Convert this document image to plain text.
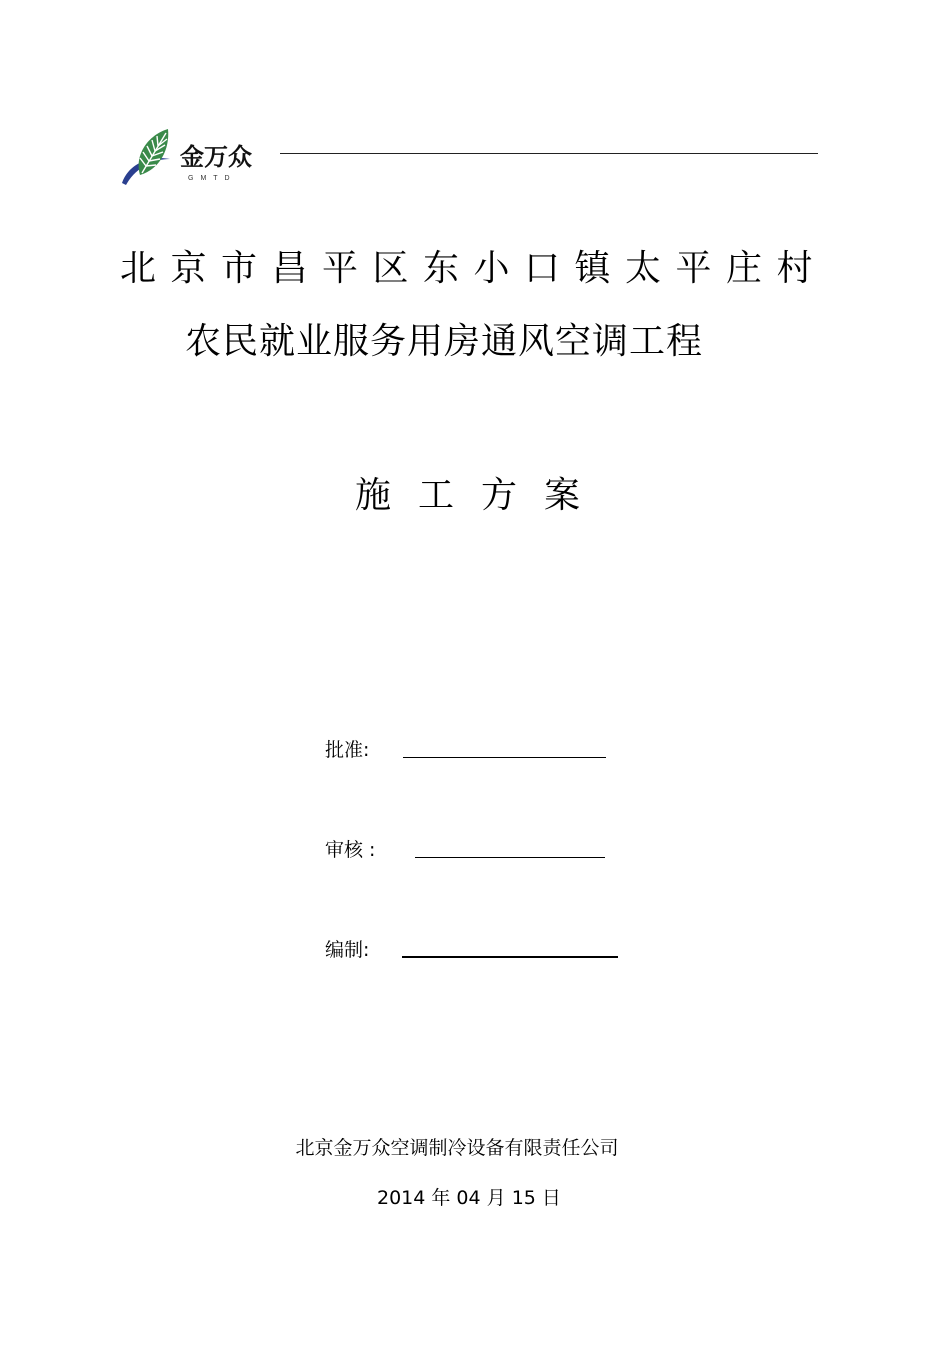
金万众
GMTD
北京市昌平区东小口镇太平庄村
农民就业服务用房通风空调工程
施工方案
批准:
审核 :
编制:
北京金万众空调制冷设备有限责任公司
2014 年 04 月 15 日
